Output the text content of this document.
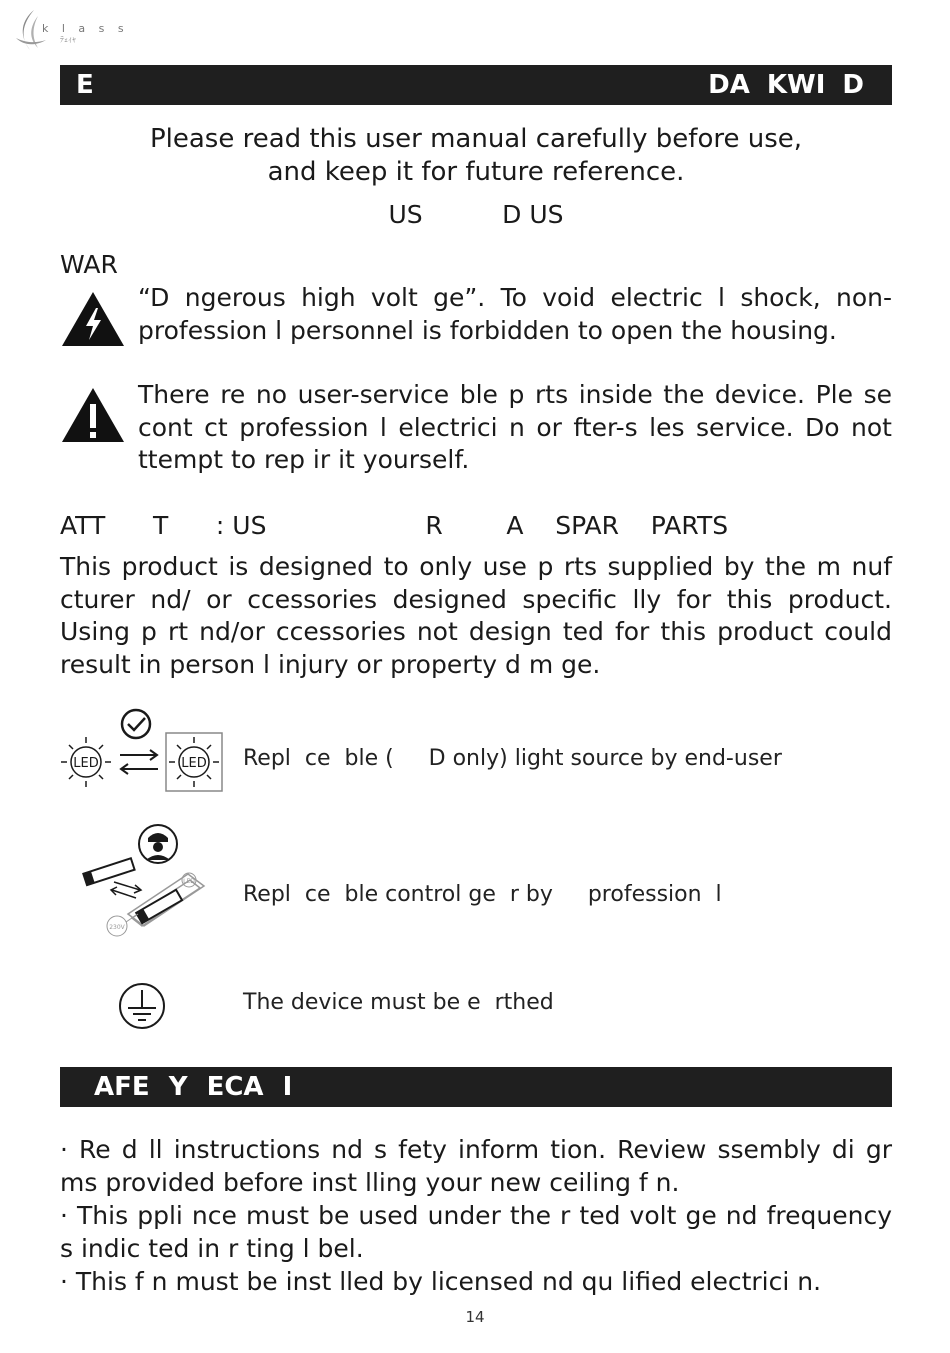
k l a s s
ﾃｪｨｬ
E	DA KWI D
Please read this user manual carefully before use,
and keep it for future reference.
US          D US
WAR
“D ngerous high volt ge”. To void electric l shock, non-profession l personnel is forbidden to open the housing.
There re no user-service ble p rts inside the device. Ple se cont ct profession l electrici n or fter-s les service. Do not ttempt to rep ir it yourself.
ATT      T      : US                    R        A    SPAR    PARTS
This product is designed to only use p rts supplied by the m nuf cturer nd/ or ccessories designed specific lly for this product. Using p rt nd/or ccessories not design ted for this product could result in person l injury or property d m ge.
LED	LED Repl  ce  ble (     D only) light source by end-user
LED
230V
Repl  ce  ble control ge  r by     profession  l
The device must be e  rthed
AFE Y ECA I
· Re d ll instructions nd s fety inform tion. Review ssembly di gr ms provided before inst lling your new ceiling f n.
· This ppli nce must be used under the r ted volt ge nd frequency s indic ted in r ting l bel.
· This f n must be inst lled by licensed nd qu lified electrici n.
14
